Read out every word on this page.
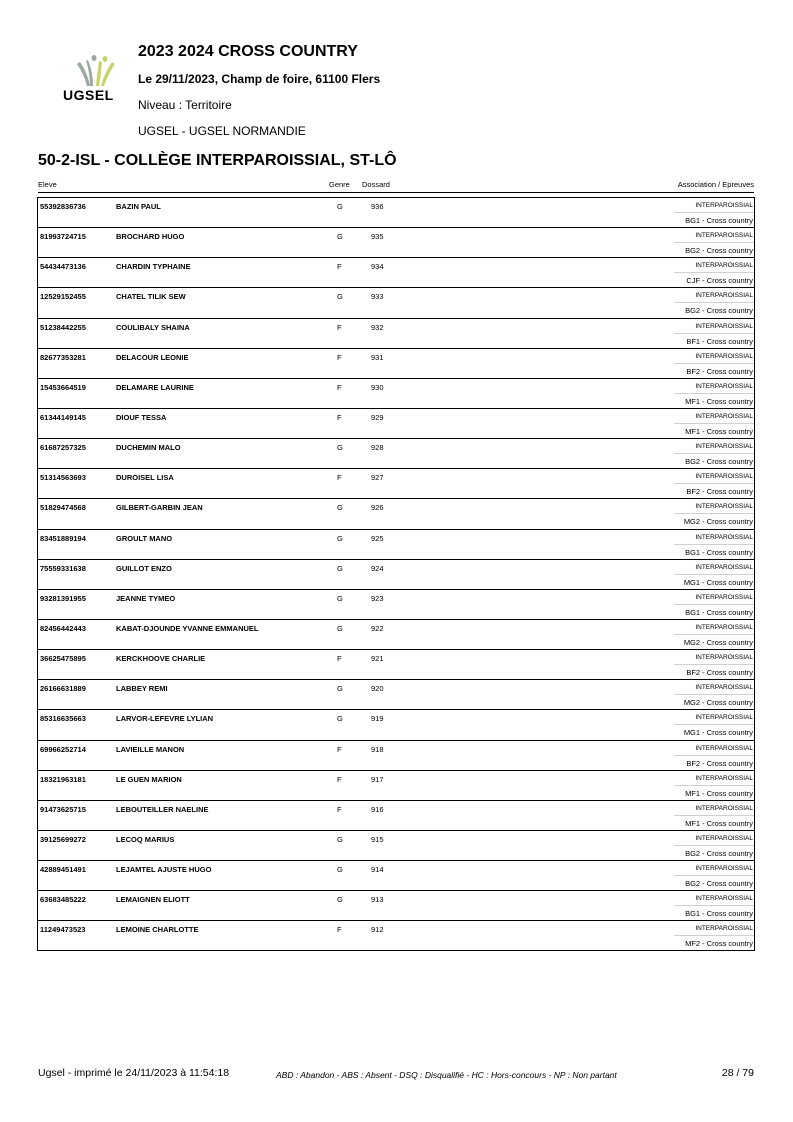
UGSEL
2023 2024 CROSS COUNTRY
Le 29/11/2023, Champ de foire, 61100 Flers
Niveau : Territoire
UGSEL - UGSEL NORMANDIE
50-2-ISL - COLLÈGE INTERPAROISSIAL, ST-LÔ
Eleve	Genre Dossard	Association / Epreuves
55392836736	BAZIN PAUL	G	936	INTERPAROISSIAL
BG1 - Cross country
81993724715	BROCHARD HUGO	G	935	INTERPAROISSIAL
BG2 - Cross country
54434473136	CHARDIN TYPHAINE	F	934	INTERPAROISSIAL
CJF - Cross country
12529152455	CHATEL TILIK SEW	G	933	INTERPAROISSIAL
BG2 - Cross country
51238442255	COULIBALY SHAINA	F	932	INTERPAROISSIAL
BF1 - Cross country
82677353281	DELACOUR LEONIE	F	931	INTERPAROISSIAL
BF2 - Cross country
15453664519	DELAMARE LAURINE	F	930	INTERPAROISSIAL
MF1 - Cross country
61344149145	DIOUF TESSA	F	929	INTERPAROISSIAL
MF1 - Cross country
61687257325	DUCHEMIN MALO	G	928	INTERPAROISSIAL
BG2 - Cross country
51314563693	DUROISEL LISA	F	927	INTERPAROISSIAL
BF2 - Cross country
51829474568	GILBERT-GARBIN JEAN	G	926	INTERPAROISSIAL
MG2 - Cross country
83451889194	GROULT MANO	G	925	INTERPAROISSIAL
BG1 - Cross country
75559331638	GUILLOT ENZO	G	924	INTERPAROISSIAL
MG1 - Cross country
93281391955	JEANNE TYMEO	G	923	INTERPAROISSIAL
BG1 - Cross country
82456442443	KABAT-DJOUNDE YVANNE EMMANUEL	G	922	INTERPAROISSIAL
MG2 - Cross country
36625475895	KERCKHOOVE CHARLIE	F	921	INTERPAROISSIAL
BF2 - Cross country
26166631889	LABBEY REMI	G	920	INTERPAROISSIAL
MG2 - Cross country
85316635663	LARVOR-LEFEVRE LYLIAN	G	919	INTERPAROISSIAL
MG1 - Cross country
69966252714	LAVIEILLE MANON	F	918	INTERPAROISSIAL
BF2 - Cross country
18321963181	LE GUEN MARION	F	917	INTERPAROISSIAL
MF1 - Cross country
91473625715	LEBOUTEILLER NAELINE	F	916	INTERPAROISSIAL
MF1 - Cross country
39125699272	LECOQ MARIUS	G	915	INTERPAROISSIAL
BG2 - Cross country
42889451491	LEJAMTEL AJUSTE HUGO	G	914	INTERPAROISSIAL
BG2 - Cross country
63683485222	LEMAIGNEN ELIOTT	G	913	INTERPAROISSIAL
BG1 - Cross country
11249473523	LEMOINE CHARLOTTE	F	912	INTERPAROISSIAL
MF2 - Cross country
Ugsel - imprimé le 24/11/2023 à 11:54:18	ABD : Abandon - ABS : Absent - DSQ : Disqualifié - HC : Hors-concours - NP : Non partant	28 / 79
